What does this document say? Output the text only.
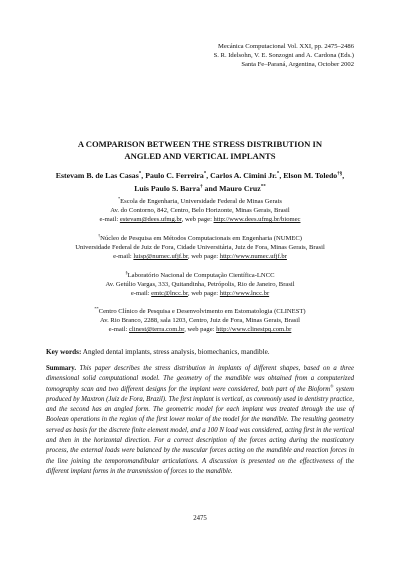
Mecánica Computacional Vol. XXI, pp. 2475–2486
S. R. Idelsohn, V. E. Sonzogni and A. Cardona (Eds.)
Santa Fe–Paraná, Argentina, October 2002
A COMPARISON BETWEEN THE STRESS DISTRIBUTION IN
ANGLED AND VERTICAL IMPLANTS
Estevam B. de Las Casas*, Paulo C. Ferreira*, Carlos A. Cimini Jr.*, Elson M. Toledo†§,
Luis Paulo S. Barra† and Mauro Cruz**
*Escola de Engenharia, Universidade Federal de Minas Gerais
Av. do Contorno, 842, Centro, Belo Horizonte, Minas Gerais, Brasil
e-mail: estevam@dees.ufmg.br, web page: http://www.dees.ufmg.br/biomec
†Núcleo de Pesquisa em Métodos Computacionais em Engenharia (NUMEC)
Universidade Federal de Juiz de Fora, Cidade Universitária, Juiz de Fora, Minas Gerais, Brasil
e-mail: luisp@numec.ufjf.br, web page: http://www.numec.ufjf.br
§Laboratório Nacional de Computação Científica-LNCC
Av. Getúlio Vargas, 333, Quitandinha, Petrópolis, Rio de Janeiro, Brasil
e-mail: emtc@lncc.br, web page: http://www.lncc.br
**Centro Clínico de Pesquisa e Desenvolvimento em Estomatologia (CLINEST)
Av. Rio Branco, 2288, sala 1203, Centro, Juiz de Fora, Minas Gerais, Brasil
e-mail: clinest@terra.com.br, web page: http://www.clinestpq.com.br
Key words: Angled dental implants, stress analysis, biomechanics, mandible.
Summary. This paper describes the stress distribution in implants of different shapes, based on a three dimensional solid computational model. The geometry of the mandible was obtained from a computerized tomography scan and two different designs for the implant were considered, both part of the Bioform® system produced by Maxtron (Juiz de Fora, Brazil). The first implant is vertical, as commonly used in dentistry practice, and the second has an angled form. The geometric model for each implant was treated through the use of Boolean operations in the region of the first lower molar of the model for the mandible. The resulting geometry served as basis for the discrete finite element model, and a 100 N load was considered, acting first in the vertical and then in the horizontal direction. For a correct description of the forces acting during the masticatory process, the external loads were balanced by the muscular forces acting on the mandible and reaction forces in the line joining the temporomandibular articulations. A discussion is presented on the effectiveness of the different implant forms in the transmission of forces to the mandible.
2475
